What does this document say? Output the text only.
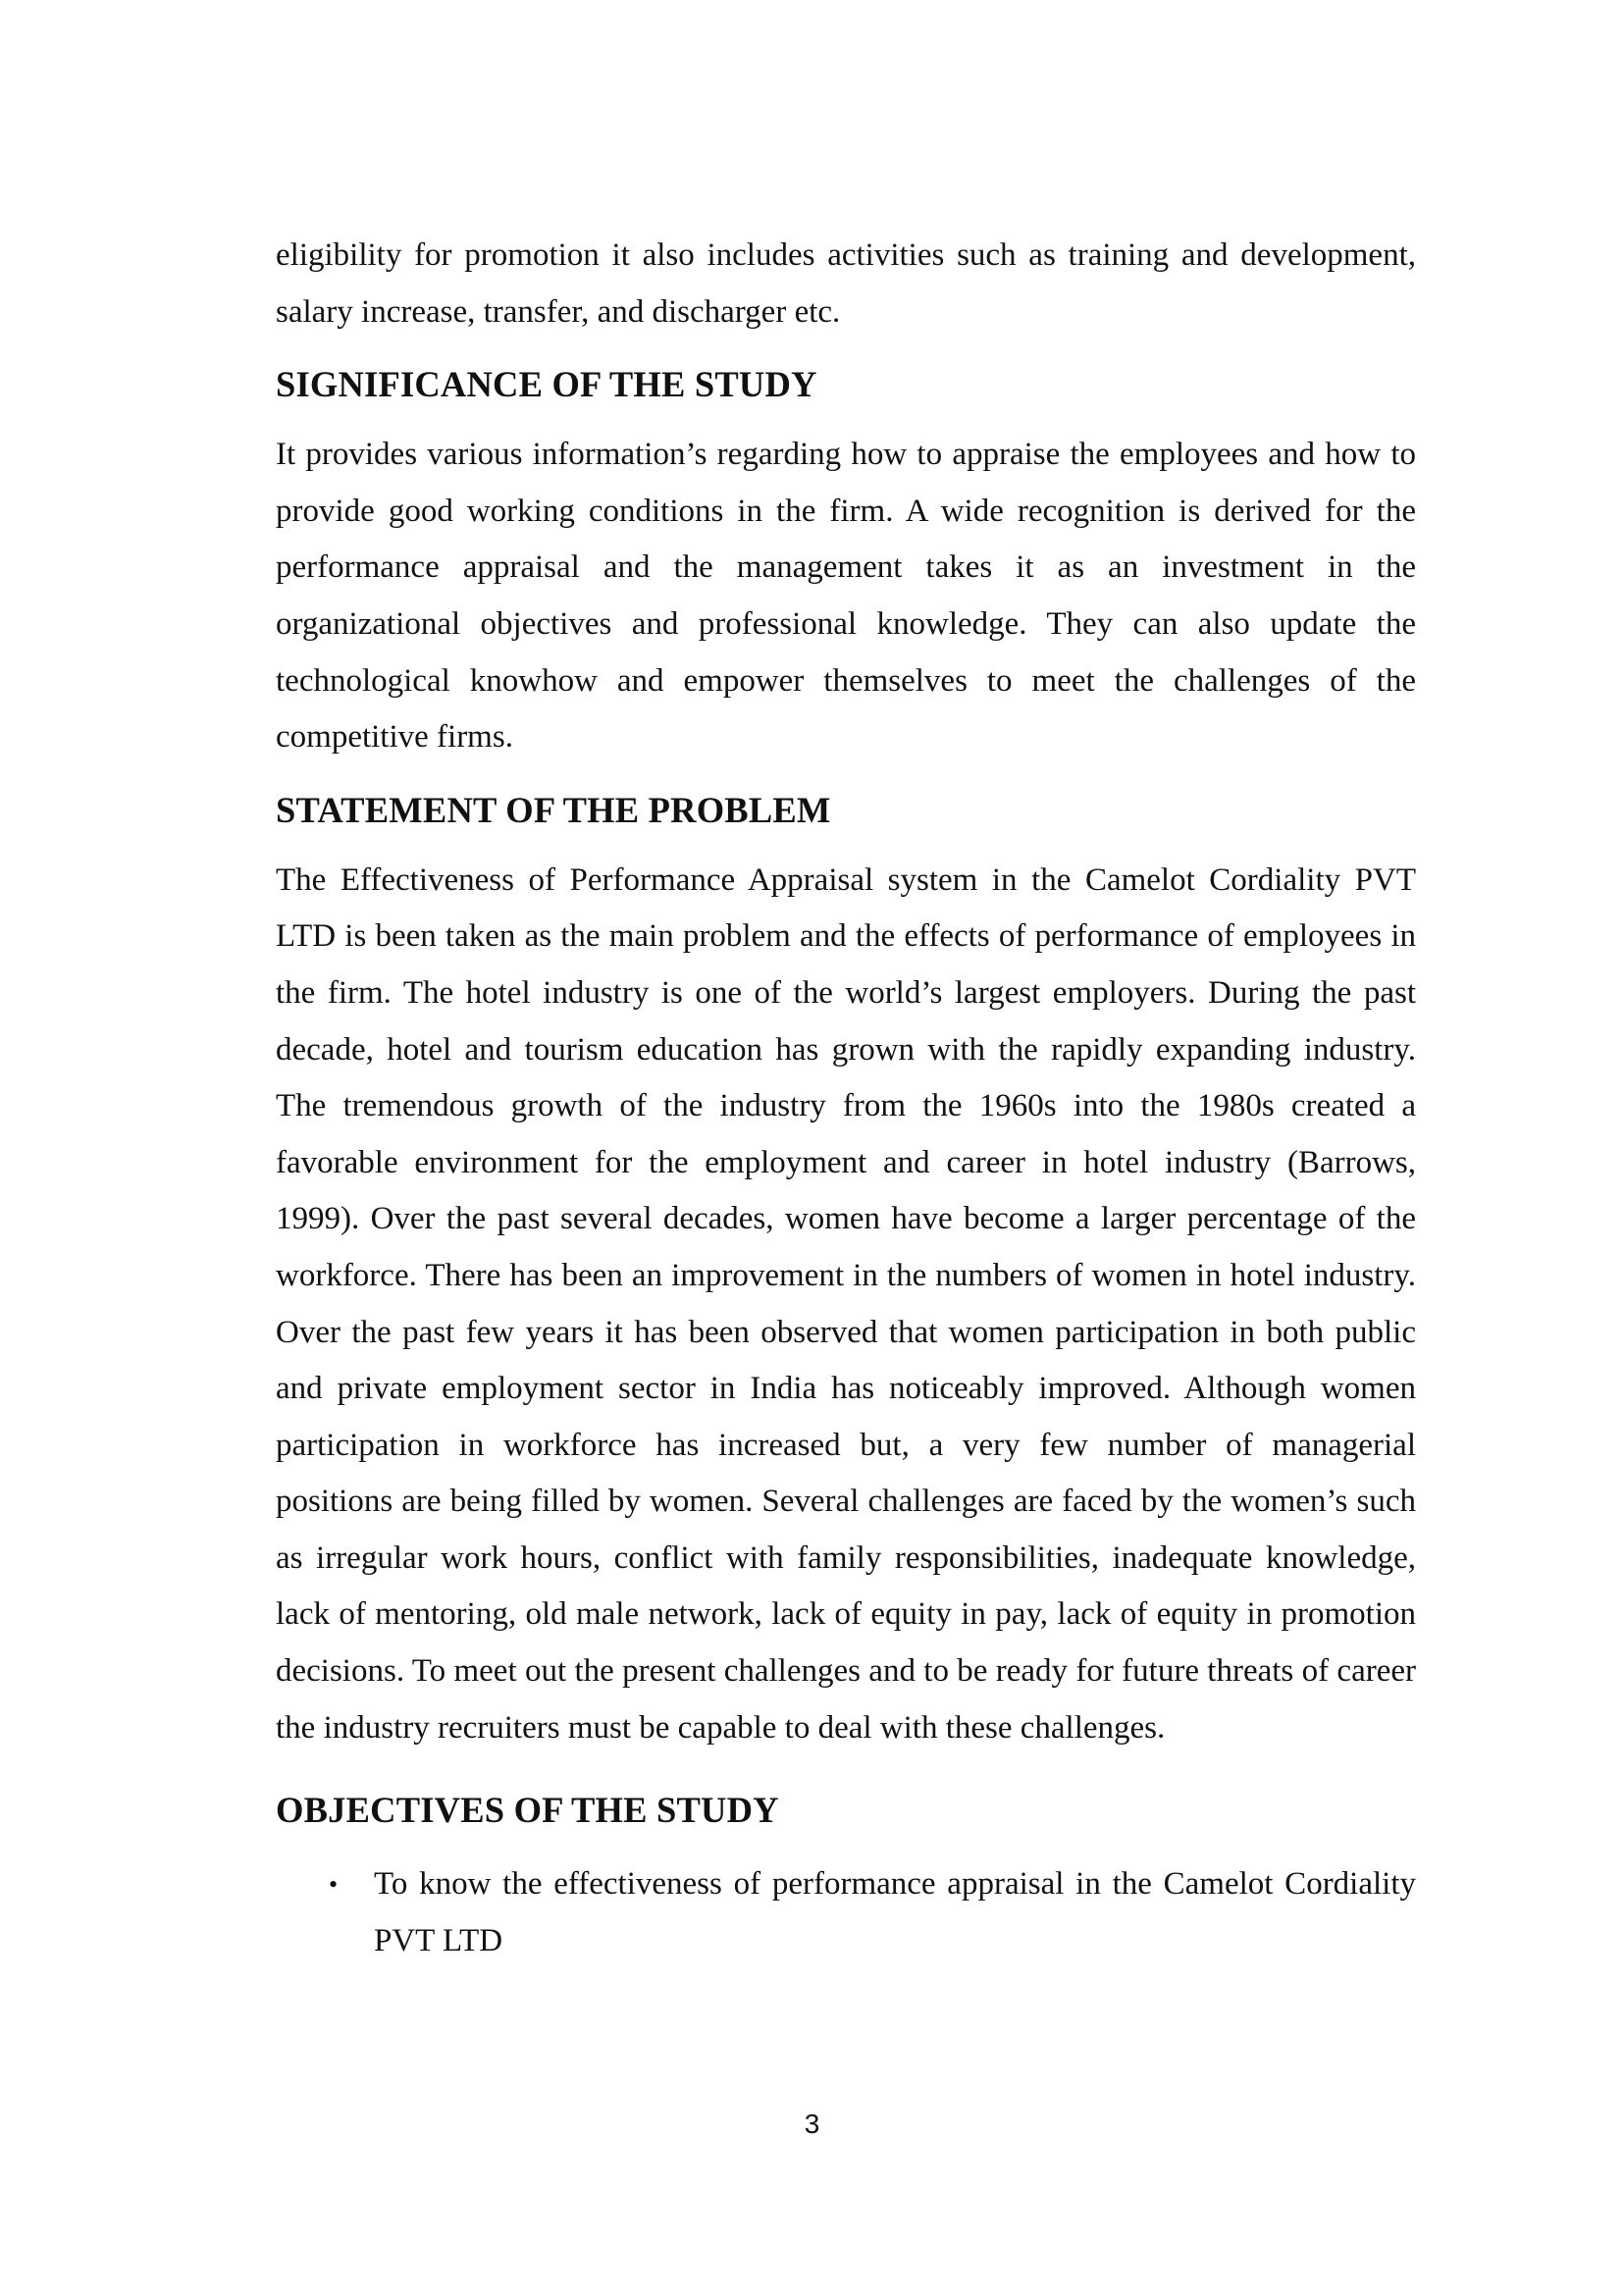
eligibility for promotion it also includes activities such as training and development, salary increase, transfer, and discharger etc.

SIGNIFICANCE OF THE STUDY

It provides various information’s regarding how to appraise the employees and how to provide good working conditions in the firm. A wide recognition is derived for the performance appraisal and the management takes it as an investment in the organizational objectives and professional knowledge. They can also update the technological knowhow and empower themselves to meet the challenges of the competitive firms.

STATEMENT OF THE PROBLEM

The Effectiveness of Performance Appraisal system in the Camelot Cordiality PVT LTD is been taken as the main problem and the effects of performance of employees in the firm. The hotel industry is one of the world’s largest employers. During the past decade, hotel and tourism education has grown with the rapidly expanding industry. The tremendous growth of the industry from the 1960s into the 1980s created a favorable environment for the employment and career in hotel industry (Barrows, 1999). Over the past several decades, women have become a larger percentage of the workforce. There has been an improvement in the numbers of women in hotel industry. Over the past few years it has been observed that women participation in both public and private employment sector in India has noticeably improved. Although women participation in workforce has increased but, a very few number of managerial positions are being filled by women. Several challenges are faced by the women’s such as irregular work hours, conflict with family responsibilities, inadequate knowledge, lack of mentoring, old male network, lack of equity in pay, lack of equity in promotion decisions. To meet out the present challenges and to be ready for future threats of career the industry recruiters must be capable to deal with these challenges.

OBJECTIVES OF THE STUDY
• To know the effectiveness of performance appraisal in the Camelot Cordiality PVT LTD
3
